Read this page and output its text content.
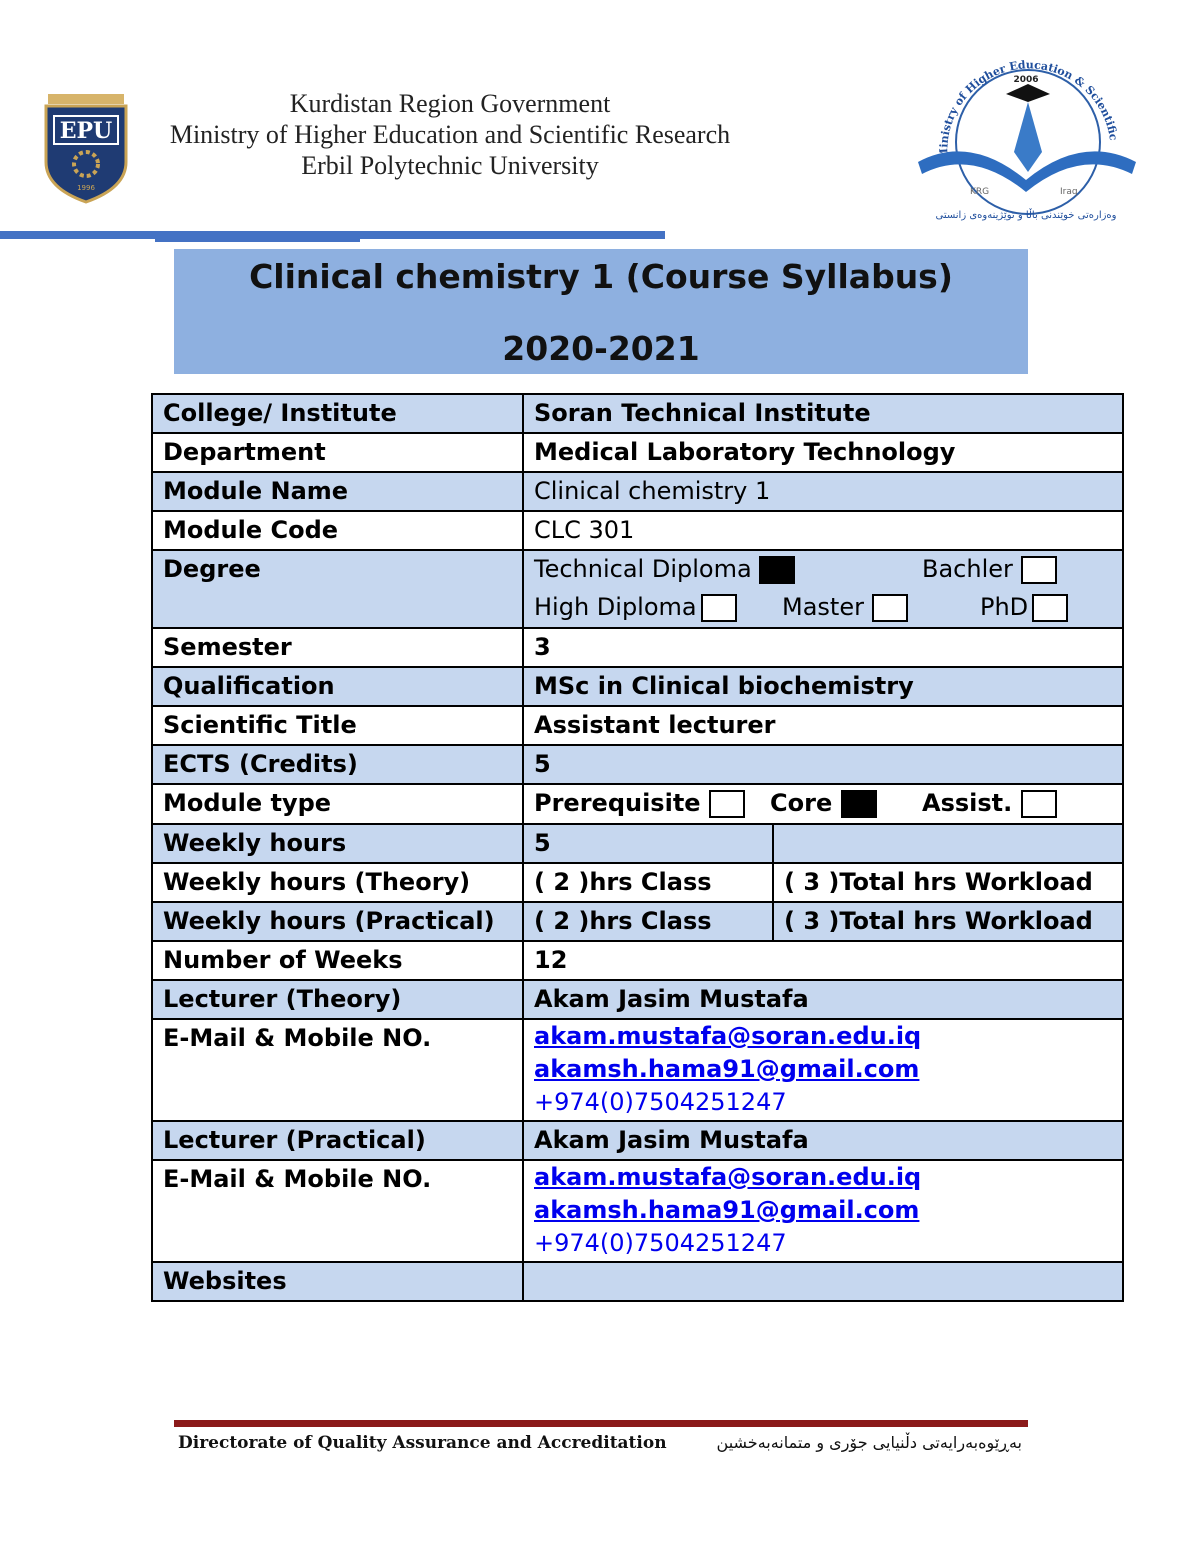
EPU
1996
Kurdistan Region Government
Ministry of Higher Education and Scientific Research
Erbil Polytechnic University
inistry of Higher Education & Scientific
2006
KRG	Iraq
وەزارەتی خوێندنی باڵا و توێژینەوەی زانستی
Clinical chemistry 1 (Course Syllabus)
2020-2021
College/ Institute	Soran Technical Institute	
Department	Medical Laboratory Technology	
Module Name	Clinical chemistry 1	
Module Code	CLC 301	
Degree	Technical Diploma Bachler
High Diploma Master PhD	

Semester	3	
Qualification	MSc in Clinical biochemistry	
Scientific Title	Assistant lecturer	
ECTS (Credits)	5	
Module type	Prerequisite Core Assist.	

Weekly hours	5	
Weekly hours (Theory)	( 2 )hrs Class	( 3 )Total hrs Workload
Weekly hours (Practical)	( 2 )hrs Class	( 3 )Total hrs Workload
Number of Weeks	12	
Lecturer (Theory)	Akam Jasim Mustafa	
E-Mail & Mobile NO.	akam.mustafa@soran.edu.iq
akamsh.hama91@gmail.com
+974(0)7504251247	

Lecturer (Practical)	Akam Jasim Mustafa	
E-Mail & Mobile NO.	akam.mustafa@soran.edu.iq
akamsh.hama91@gmail.com
+974(0)7504251247	

Websites		
Directorate of Quality Assurance and Accreditation	بەڕێوەبەرایەتی دڵنیایی جۆری و متمانەبەخشین
